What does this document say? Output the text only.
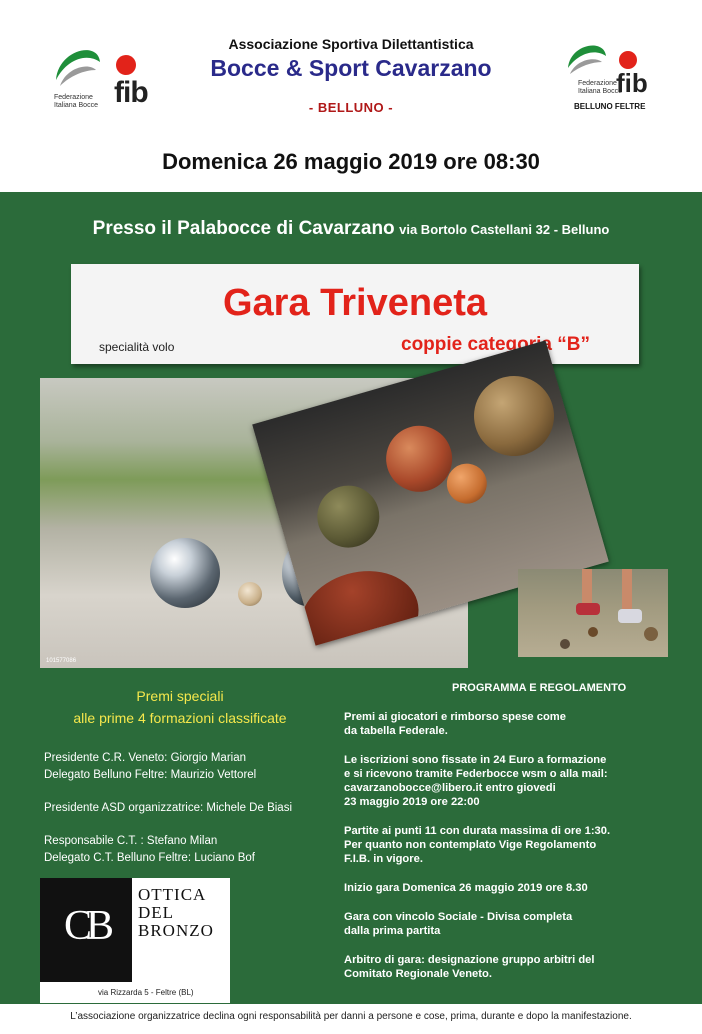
Federazione
Italiana Bocce fib
Associazione Sportiva Dilettantistica
Bocce & Sport Cavarzano
- BELLUNO -
Federazione
Italiana Bocce
fib
BELLUNO FELTRE
Domenica 26 maggio 2019 ore 08:30
Presso il Palabocce di Cavarzano via Bortolo Castellani 32 - Belluno
Gara Triveneta
specialità volo	coppie categoria “B”
101577086
Premi speciali
alle prime 4 formazioni classificate
Presidente C.R. Veneto: Giorgio Marian
Delegato Belluno Feltre: Maurizio Vettorel
Presidente ASD organizzatrice: Michele De Biasi
Responsabile C.T. : Stefano Milan
Delegato C.T. Belluno Feltre: Luciano Bof
CB
OTTICA
DEL
BRONZO
via Rizzarda 5 - Feltre (BL)
PROGRAMMA E REGOLAMENTO
Premi ai giocatori e rimborso spese come
da tabella Federale.
Le iscrizioni sono fissate in 24 Euro a formazione
e si ricevono tramite Federbocce wsm o alla mail:
cavarzanobocce@libero.it entro giovedi
23 maggio 2019 ore 22:00
Partite ai punti 11 con durata massima di ore 1:30.
Per quanto non contemplato Vige Regolamento
F.I.B. in vigore.
Inizio gara Domenica 26 maggio 2019 ore 8.30
Gara con vincolo Sociale - Divisa completa
dalla prima partita
Arbitro di gara: designazione gruppo arbitri del
Comitato Regionale Veneto.
L’associazione organizzatrice declina ogni responsabilità per danni a persone e cose, prima, durante e dopo la manifestazione.
